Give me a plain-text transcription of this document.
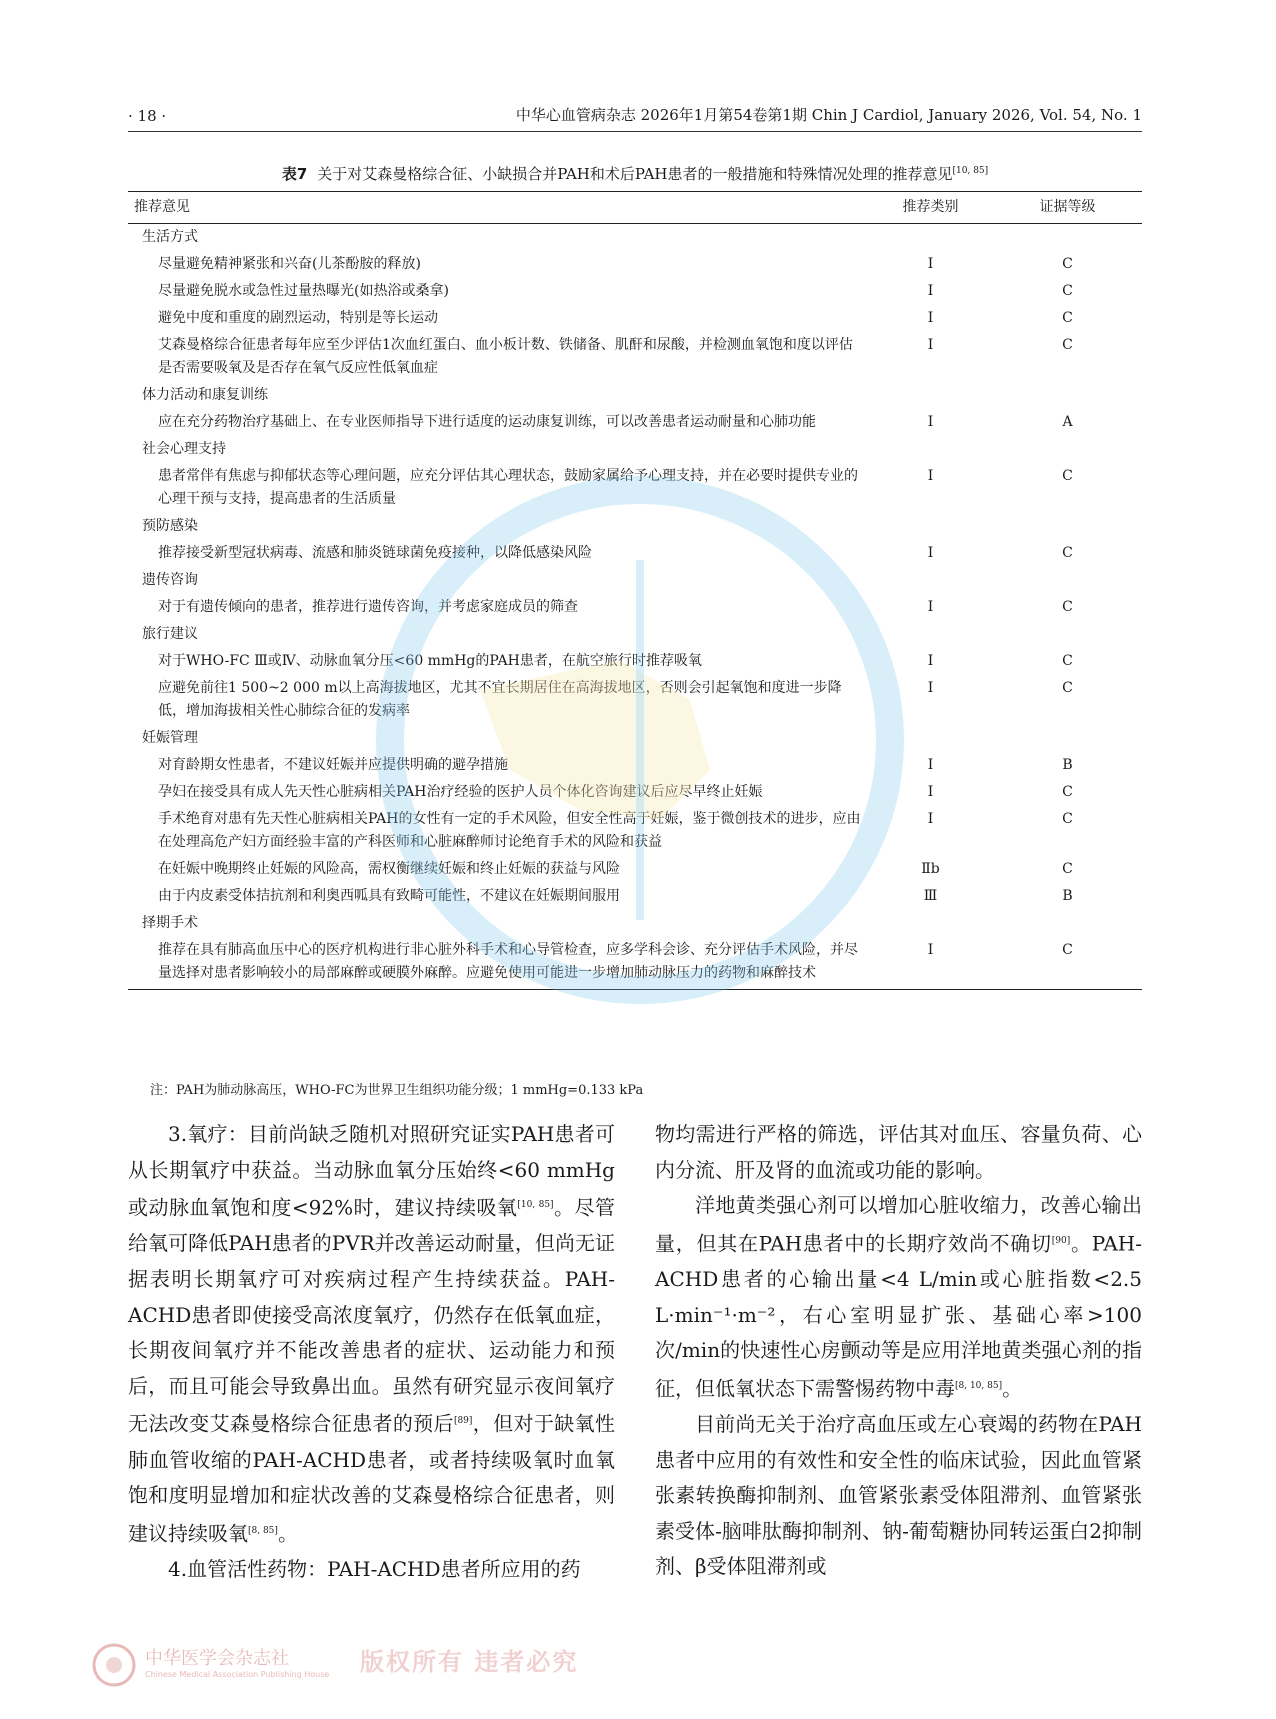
· 18 ·	中华心血管病杂志 2026年1月第54卷第1期 Chin J Cardiol, January 2026, Vol. 54, No. 1
表7 关于对艾森曼格综合征、小缺损合并PAH和术后PAH患者的一般措施和特殊情况处理的推荐意见[10, 85]
推荐意见	推荐类别	证据等级
生活方式		
尽量避免精神紧张和兴奋(儿茶酚胺的释放)	Ⅰ	C
尽量避免脱水或急性过量热曝光(如热浴或桑拿)	Ⅰ	C
避免中度和重度的剧烈运动，特别是等长运动	Ⅰ	C
艾森曼格综合征患者每年应至少评估1次血红蛋白、血小板计数、铁储备、肌酐和尿酸，并检测血氧饱和度以评估是否需要吸氧及是否存在氧气反应性低氧血症	Ⅰ	C
体力活动和康复训练		
应在充分药物治疗基础上、在专业医师指导下进行适度的运动康复训练，可以改善患者运动耐量和心肺功能	Ⅰ	A
社会心理支持		
患者常伴有焦虑与抑郁状态等心理问题，应充分评估其心理状态，鼓励家属给予心理支持，并在必要时提供专业的心理干预与支持，提高患者的生活质量	Ⅰ	C
预防感染		
推荐接受新型冠状病毒、流感和肺炎链球菌免疫接种，以降低感染风险	Ⅰ	C
遗传咨询		
对于有遗传倾向的患者，推荐进行遗传咨询，并考虑家庭成员的筛查	Ⅰ	C
旅行建议		
对于WHO-FC Ⅲ或Ⅳ、动脉血氧分压<60 mmHg的PAH患者，在航空旅行时推荐吸氧	Ⅰ	C
应避免前往1 500~2 000 m以上高海拔地区，尤其不宜长期居住在高海拔地区，否则会引起氧饱和度进一步降低，增加海拔相关性心肺综合征的发病率	Ⅰ	C
妊娠管理		
对育龄期女性患者，不建议妊娠并应提供明确的避孕措施	Ⅰ	B
孕妇在接受具有成人先天性心脏病相关PAH治疗经验的医护人员个体化咨询建议后应尽早终止妊娠	Ⅰ	C
手术绝育对患有先天性心脏病相关PAH的女性有一定的手术风险，但安全性高于妊娠，鉴于微创技术的进步，应由在处理高危产妇方面经验丰富的产科医师和心脏麻醉师讨论绝育手术的风险和获益	Ⅰ	C
在妊娠中晚期终止妊娠的风险高，需权衡继续妊娠和终止妊娠的获益与风险	Ⅱb	C
由于内皮素受体拮抗剂和利奥西呱具有致畸可能性，不建议在妊娠期间服用	Ⅲ	B
择期手术		
推荐在具有肺高血压中心的医疗机构进行非心脏外科手术和心导管检查，应多学科会诊、充分评估手术风险，并尽量选择对患者影响较小的局部麻醉或硬膜外麻醉。应避免使用可能进一步增加肺动脉压力的药物和麻醉技术	Ⅰ	C
注：PAH为肺动脉高压，WHO-FC为世界卫生组织功能分级；1 mmHg=0.133 kPa

3.氧疗：目前尚缺乏随机对照研究证实PAH患者可从长期氧疗中获益。当动脉血氧分压始终<60 mmHg或动脉血氧饱和度<92%时，建议持续吸氧[10, 85]。尽管给氧可降低PAH患者的PVR并改善运动耐量，但尚无证据表明长期氧疗可对疾病过程产生持续获益。PAH-ACHD患者即使接受高浓度氧疗，仍然存在低氧血症，长期夜间氧疗并不能改善患者的症状、运动能力和预后，而且可能会导致鼻出血。虽然有研究显示夜间氧疗无法改变艾森曼格综合征患者的预后[89]，但对于缺氧性肺血管收缩的PAH-ACHD患者，或者持续吸氧时血氧饱和度明显增加和症状改善的艾森曼格综合征患者，则建议持续吸氧[8, 85]。

4.血管活性药物：PAH-ACHD患者所应用的药

物均需进行严格的筛选，评估其对血压、容量负荷、心内分流、肝及肾的血流或功能的影响。

洋地黄类强心剂可以增加心脏收缩力，改善心输出量，但其在PAH患者中的长期疗效尚不确切[90]。PAH-ACHD患者的心输出量<4 L/min或心脏指数<2.5 L·min⁻¹·m⁻²，右心室明显扩张、基础心率>100次/min的快速性心房颤动等是应用洋地黄类强心剂的指征，但低氧状态下需警惕药物中毒[8, 10, 85]。

目前尚无关于治疗高血压或左心衰竭的药物在PAH患者中应用的有效性和安全性的临床试验，因此血管紧张素转换酶抑制剂、血管紧张素受体阻滞剂、血管紧张素受体-脑啡肽酶抑制剂、钠-葡萄糖协同转运蛋白2抑制剂、β受体阻滞剂或

中华医学会杂志社
Chinese Medical Association Publishing House 版权所有 违者必究
